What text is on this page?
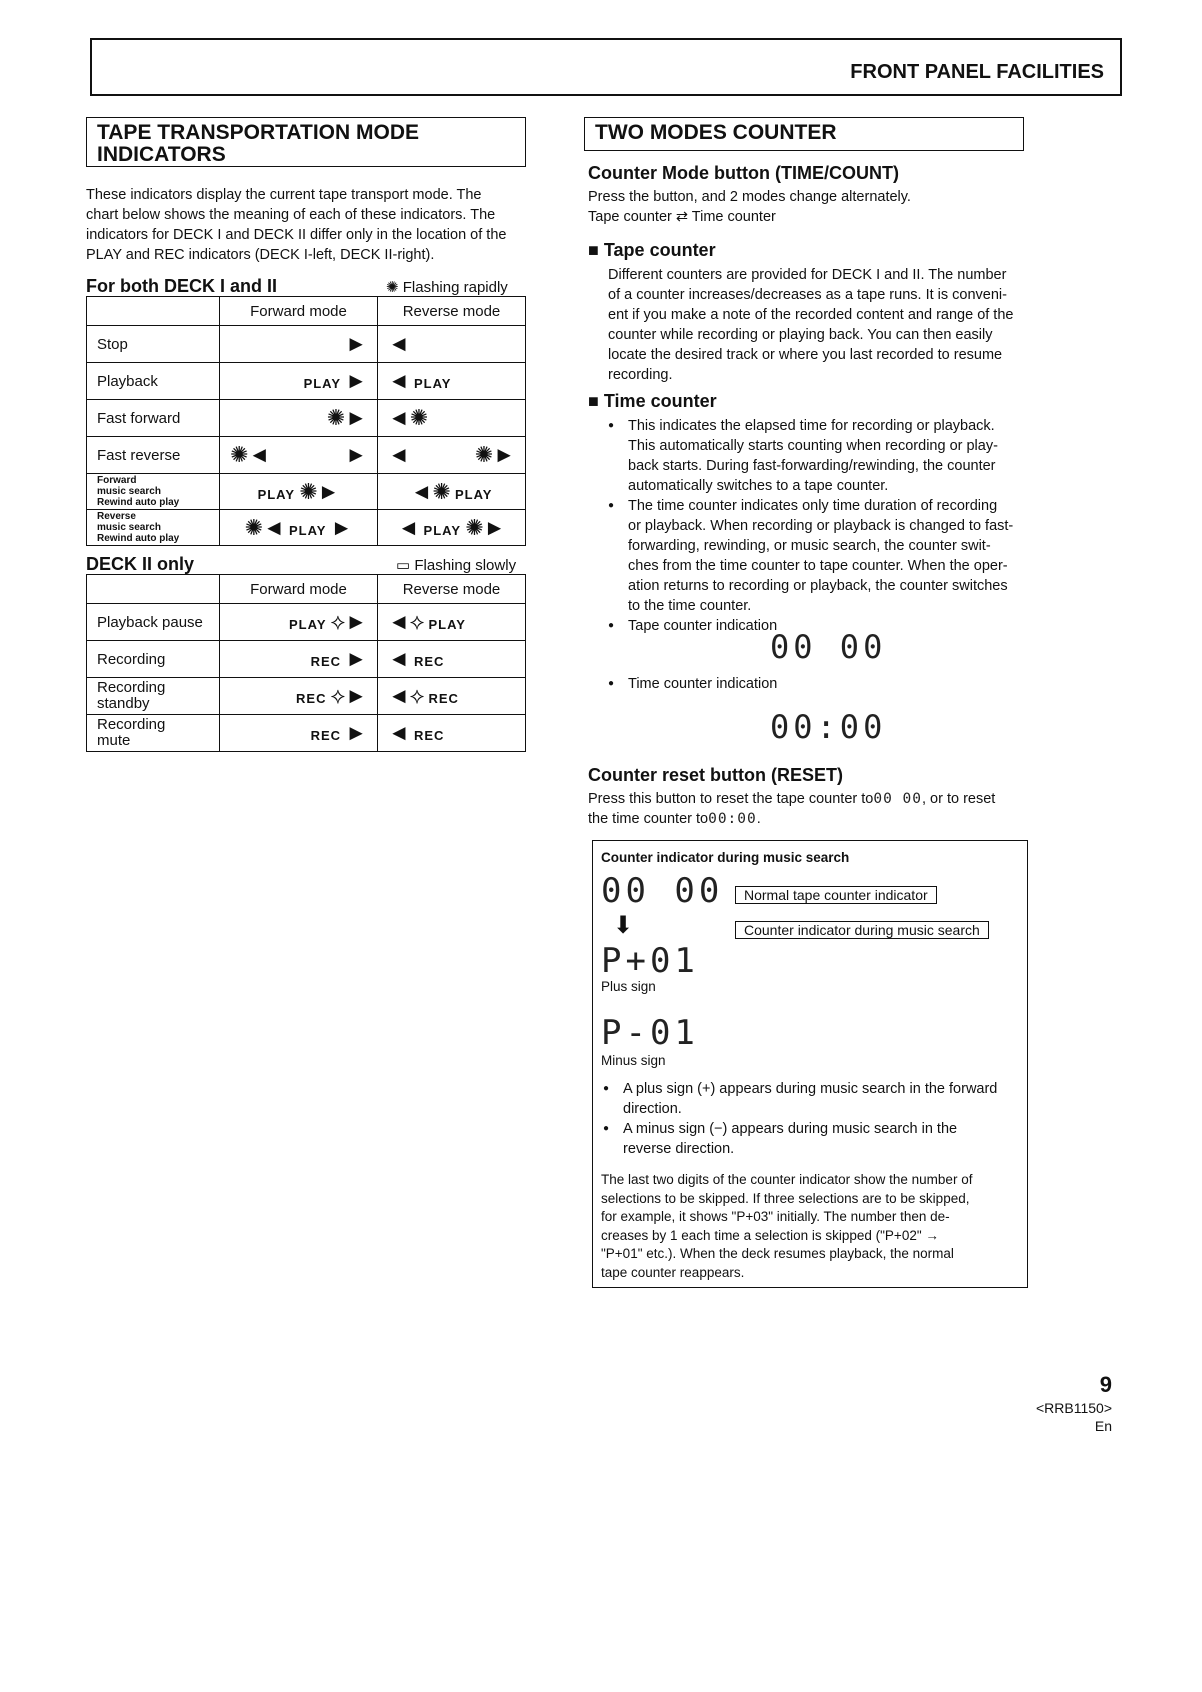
FRONT PANEL FACILITIES
TAPE TRANSPORTATION MODE
INDICATORS

These indicators display the current tape transport mode. The

chart below shows the meaning of each of these indicators. The

indicators for DECK I and DECK II differ only in the location of the

PLAY and REC indicators (DECK I-left, DECK II-right).

For both DECK I and II	✺ Flashing rapidly
	Forward mode	Reverse mode
Stop	►	◄
Playback	PLAY ►	◄ PLAY
Fast forward	✺►	◄✺
Fast reverse	✺◄ ►	◄ ✺►

Forward
music search
Rewind auto play	PLAY ✺►	◄✺ PLAY

Reverse
music search
Rewind auto play	✺◄ PLAY ►	◄ PLAY ✺►
DECK II only	▭ Flashing slowly
	Forward mode	Reverse mode
Playback pause	PLAY ⟡►	◄⟡ PLAY
Recording	REC ►	◄ REC

Recording
standby	REC ⟡►	◄⟡ REC

Recording
mute	REC ►	◄ REC
TWO MODES COUNTER
Counter Mode button (TIME/COUNT)

Press the button, and 2 modes change alternately.

Tape counter ⇄ Time counter

■ Tape counter

Different counters are provided for DECK I and II. The number

of a counter increases/decreases as a tape runs. It is conveni-

ent if you make a note of the recorded content and range of the

counter while recording or playing back. You can then easily

locate the desired track or where you last recorded to resume

recording.

■ Time counter
● This indicates the elapsed time for recording or playback.
This automatically starts counting when recording or play-
back starts. During fast-forwarding/rewinding, the counter
automatically switches to a tape counter.
● The time counter indicates only time duration of recording
or playback. When recording or playback is changed to fast-
forwarding, rewinding, or music search, the counter swit-
ches from the time counter to tape counter. When the oper-
ation returns to recording or playback, the counter switches
to the time counter.
● Tape counter indication
00 00
● Time counter indication
00:00
Counter reset button (RESET)

Press this button to reset the tape counter to00 00, or to reset

the time counter to00:00.

Counter indicator during music search
00 00	Normal tape counter indicator
⬇	Counter indicator during music search
P+01
Plus sign
P-01
Minus sign
● A plus sign (+) appears during music search in the forward
direction.
● A minus sign (−) appears during music search in the
reverse direction.

The last two digits of the counter indicator show the number of

selections to be skipped. If three selections are to be skipped,

for example, it shows "P+03" initially. The number then de-

creases by 1 each time a selection is skipped ("P+02" →

"P+01" etc.). When the deck resumes playback, the normal

tape counter reappears.

9
<RRB1150>
En
